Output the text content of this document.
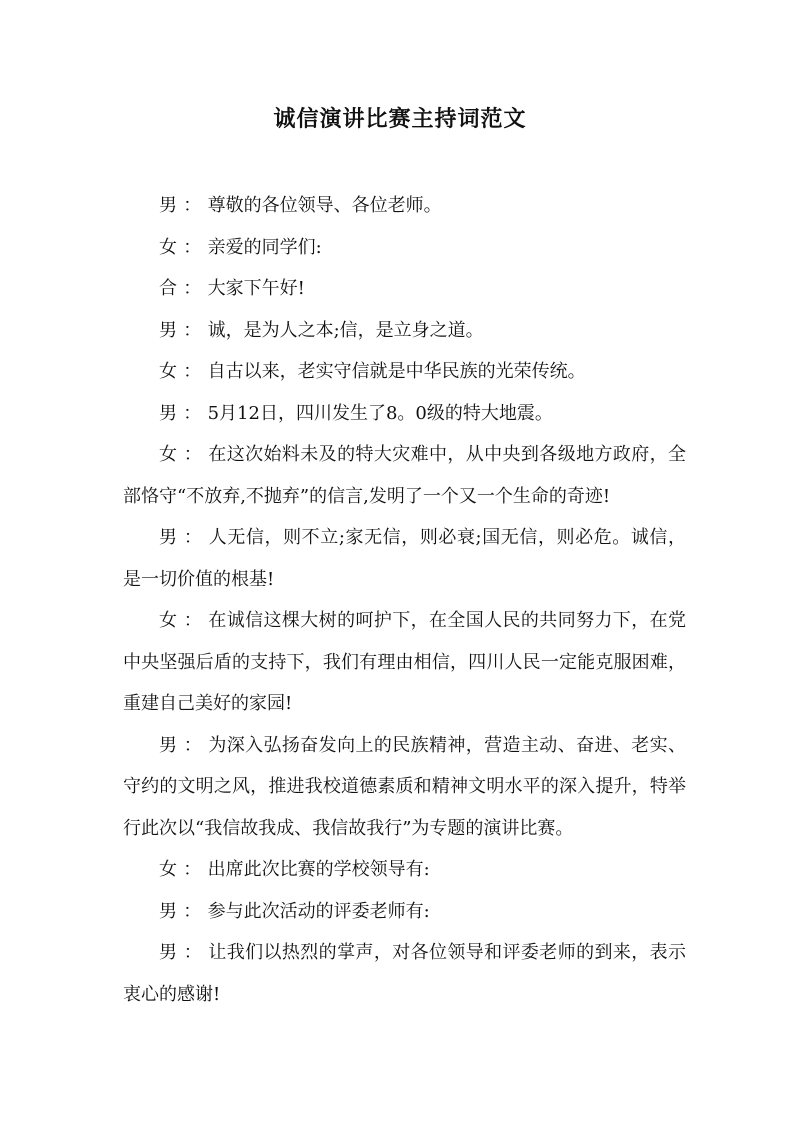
诚信演讲比赛主持词范文

男 ： 尊敬的各位领导、各位老师。

女 ： 亲爱的同学们:

合 ： 大家下午好!

男 ： 诚，是为人之本;信，是立身之道。

女 ： 自古以来，老实守信就是中华民族的光荣传统。

男 ： 5月12日，四川发生了8。0级的特大地震。

女 ： 在这次始料未及的特大灾难中，从中央到各级地方政府，全部恪守“不放弃,不抛弃”的信言,发明了一个又一个生命的奇迹!

男 ： 人无信，则不立;家无信，则必衰;国无信，则必危。诚信，是一切价值的根基!

女 ： 在诚信这棵大树的呵护下，在全国人民的共同努力下，在党中央坚强后盾的支持下，我们有理由相信，四川人民一定能克服困难，重建自己美好的家园!

男 ： 为深入弘扬奋发向上的民族精神，营造主动、奋进、老实、守约的文明之风，推进我校道德素质和精神文明水平的深入提升，特举行此次以“我信故我成、我信故我行”为专题的演讲比赛。

女 ： 出席此次比赛的学校领导有:

男 ： 参与此次活动的评委老师有:

男 ： 让我们以热烈的掌声，对各位领导和评委老师的到来，表示衷心的感谢!
